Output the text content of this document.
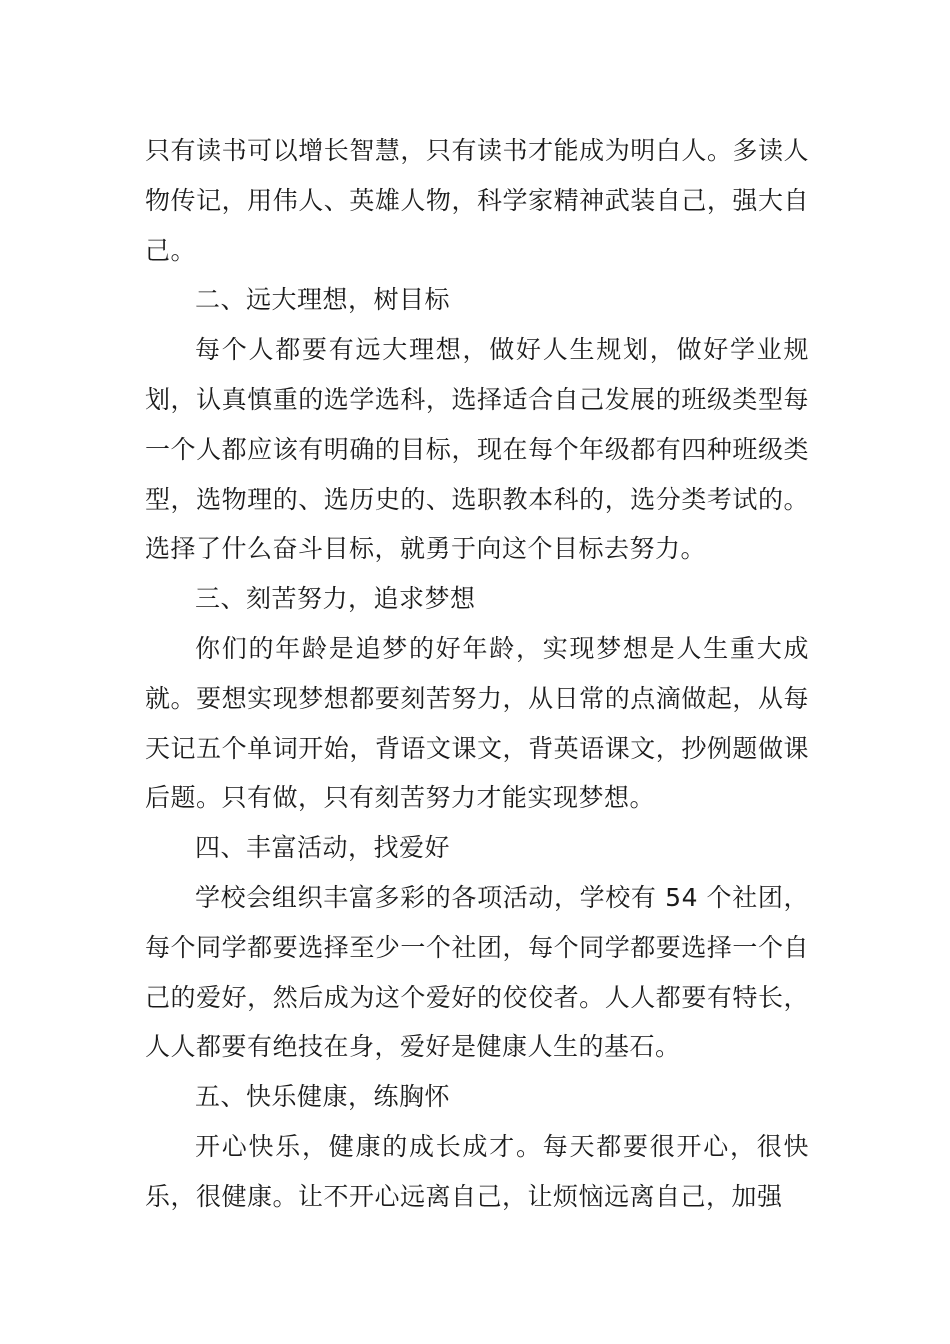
只有读书可以增长智慧，只有读书才能成为明白人。多读人物传记，用伟人、英雄人物，科学家精神武装自己，强大自己。

二、远大理想，树目标

每个人都要有远大理想，做好人生规划，做好学业规划，认真慎重的选学选科，选择适合自己发展的班级类型每一个人都应该有明确的目标，现在每个年级都有四种班级类型，选物理的、选历史的、选职教本科的，选分类考试的。选择了什么奋斗目标，就勇于向这个目标去努力。

三、刻苦努力，追求梦想

你们的年龄是追梦的好年龄，实现梦想是人生重大成就。要想实现梦想都要刻苦努力，从日常的点滴做起，从每天记五个单词开始，背语文课文，背英语课文，抄例题做课后题。只有做，只有刻苦努力才能实现梦想。

四、丰富活动，找爱好

学校会组织丰富多彩的各项活动，学校有 54 个社团，每个同学都要选择至少一个社团，每个同学都要选择一个自己的爱好，然后成为这个爱好的佼佼者。人人都要有特长，人人都要有绝技在身，爱好是健康人生的基石。

五、快乐健康，练胸怀

开心快乐，健康的成长成才。每天都要很开心，很快乐，很健康。让不开心远离自己，让烦恼远离自己，加强
